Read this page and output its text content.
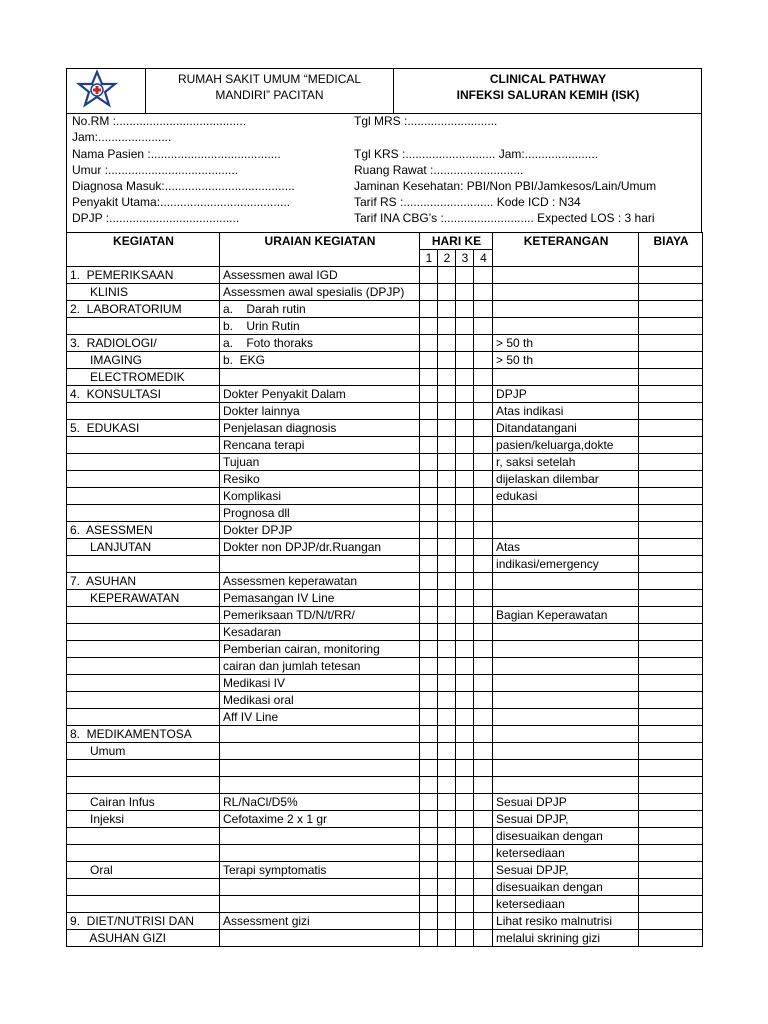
RUMAH SAKIT UMUM “MEDICAL
MANDIRI” PACITAN
CLINICAL PATHWAY
INFEKSI SALURAN KEMIH (ISK)
No.RM :.......................................	Tgl MRS :...........................
Jam:......................
Nama Pasien :.......................................	Tgl KRS :........................... Jam:......................
Umur :.......................................	Ruang Rawat :...........................
Diagnosa Masuk:.......................................	Jaminan Kesehatan: PBI/Non PBI/Jamkesos/Lain/Umum
Penyakit Utama:.......................................	Tarif RS :........................... Kode ICD : N34
DPJP :.......................................	Tarif INA CBG’s :........................... Expected LOS : 3 hari
KEGIATAN	URAIAN KEGIATAN	HARI KE				KETERANGAN	BIAYA
		1	2	3	4		
1.  PEMERIKSAAN	Assessmen awal IGD						
KLINIS	Assessmen awal spesialis (DPJP)						
2.  LABORATORIUM	a.    Darah rutin						
	b.    Urin Rutin						
3.  RADIOLOGI/	a.    Foto thoraks					> 50 th	
IMAGING	b.  EKG					> 50 th	
ELECTROMEDIK							
4.  KONSULTASI	Dokter Penyakit Dalam					DPJP	
	Dokter lainnya					Atas indikasi	
5.  EDUKASI	Penjelasan diagnosis					Ditandatangani	
	Rencana terapi					pasien/keluarga,dokte	
	Tujuan					r, saksi setelah	
	Resiko					dijelaskan dilembar	
	Komplikasi					edukasi	
	Prognosa dll						
6.  ASESSMEN	Dokter DPJP						
LANJUTAN	Dokter non DPJP/dr.Ruangan					Atas	
						indikasi/emergency	
7.  ASUHAN	Assessmen keperawatan						
KEPERAWATAN	Pemasangan IV Line						
	Pemeriksaan TD/N/t/RR/					Bagian Keperawatan	
	Kesadaran						
	Pemberian cairan, monitoring						
	cairan dan jumlah tetesan						
	Medikasi IV						
	Medikasi oral						
	Aff IV Line						
8.  MEDIKAMENTOSA							
Umum							

Cairan Infus	RL/NaCl/D5%					Sesuai DPJP	
Injeksi	Cefotaxime 2 x 1 gr					Sesuai DPJP,	
						disesuaikan dengan	
						ketersediaan	
Oral	Terapi symptomatis					Sesuai DPJP,	
						disesuaikan dengan	
						ketersediaan	
9.  DIET/NUTRISI DAN	Assessment gizi					Lihat resiko malnutrisi	
ASUHAN GIZI						melalui skrining gizi	
